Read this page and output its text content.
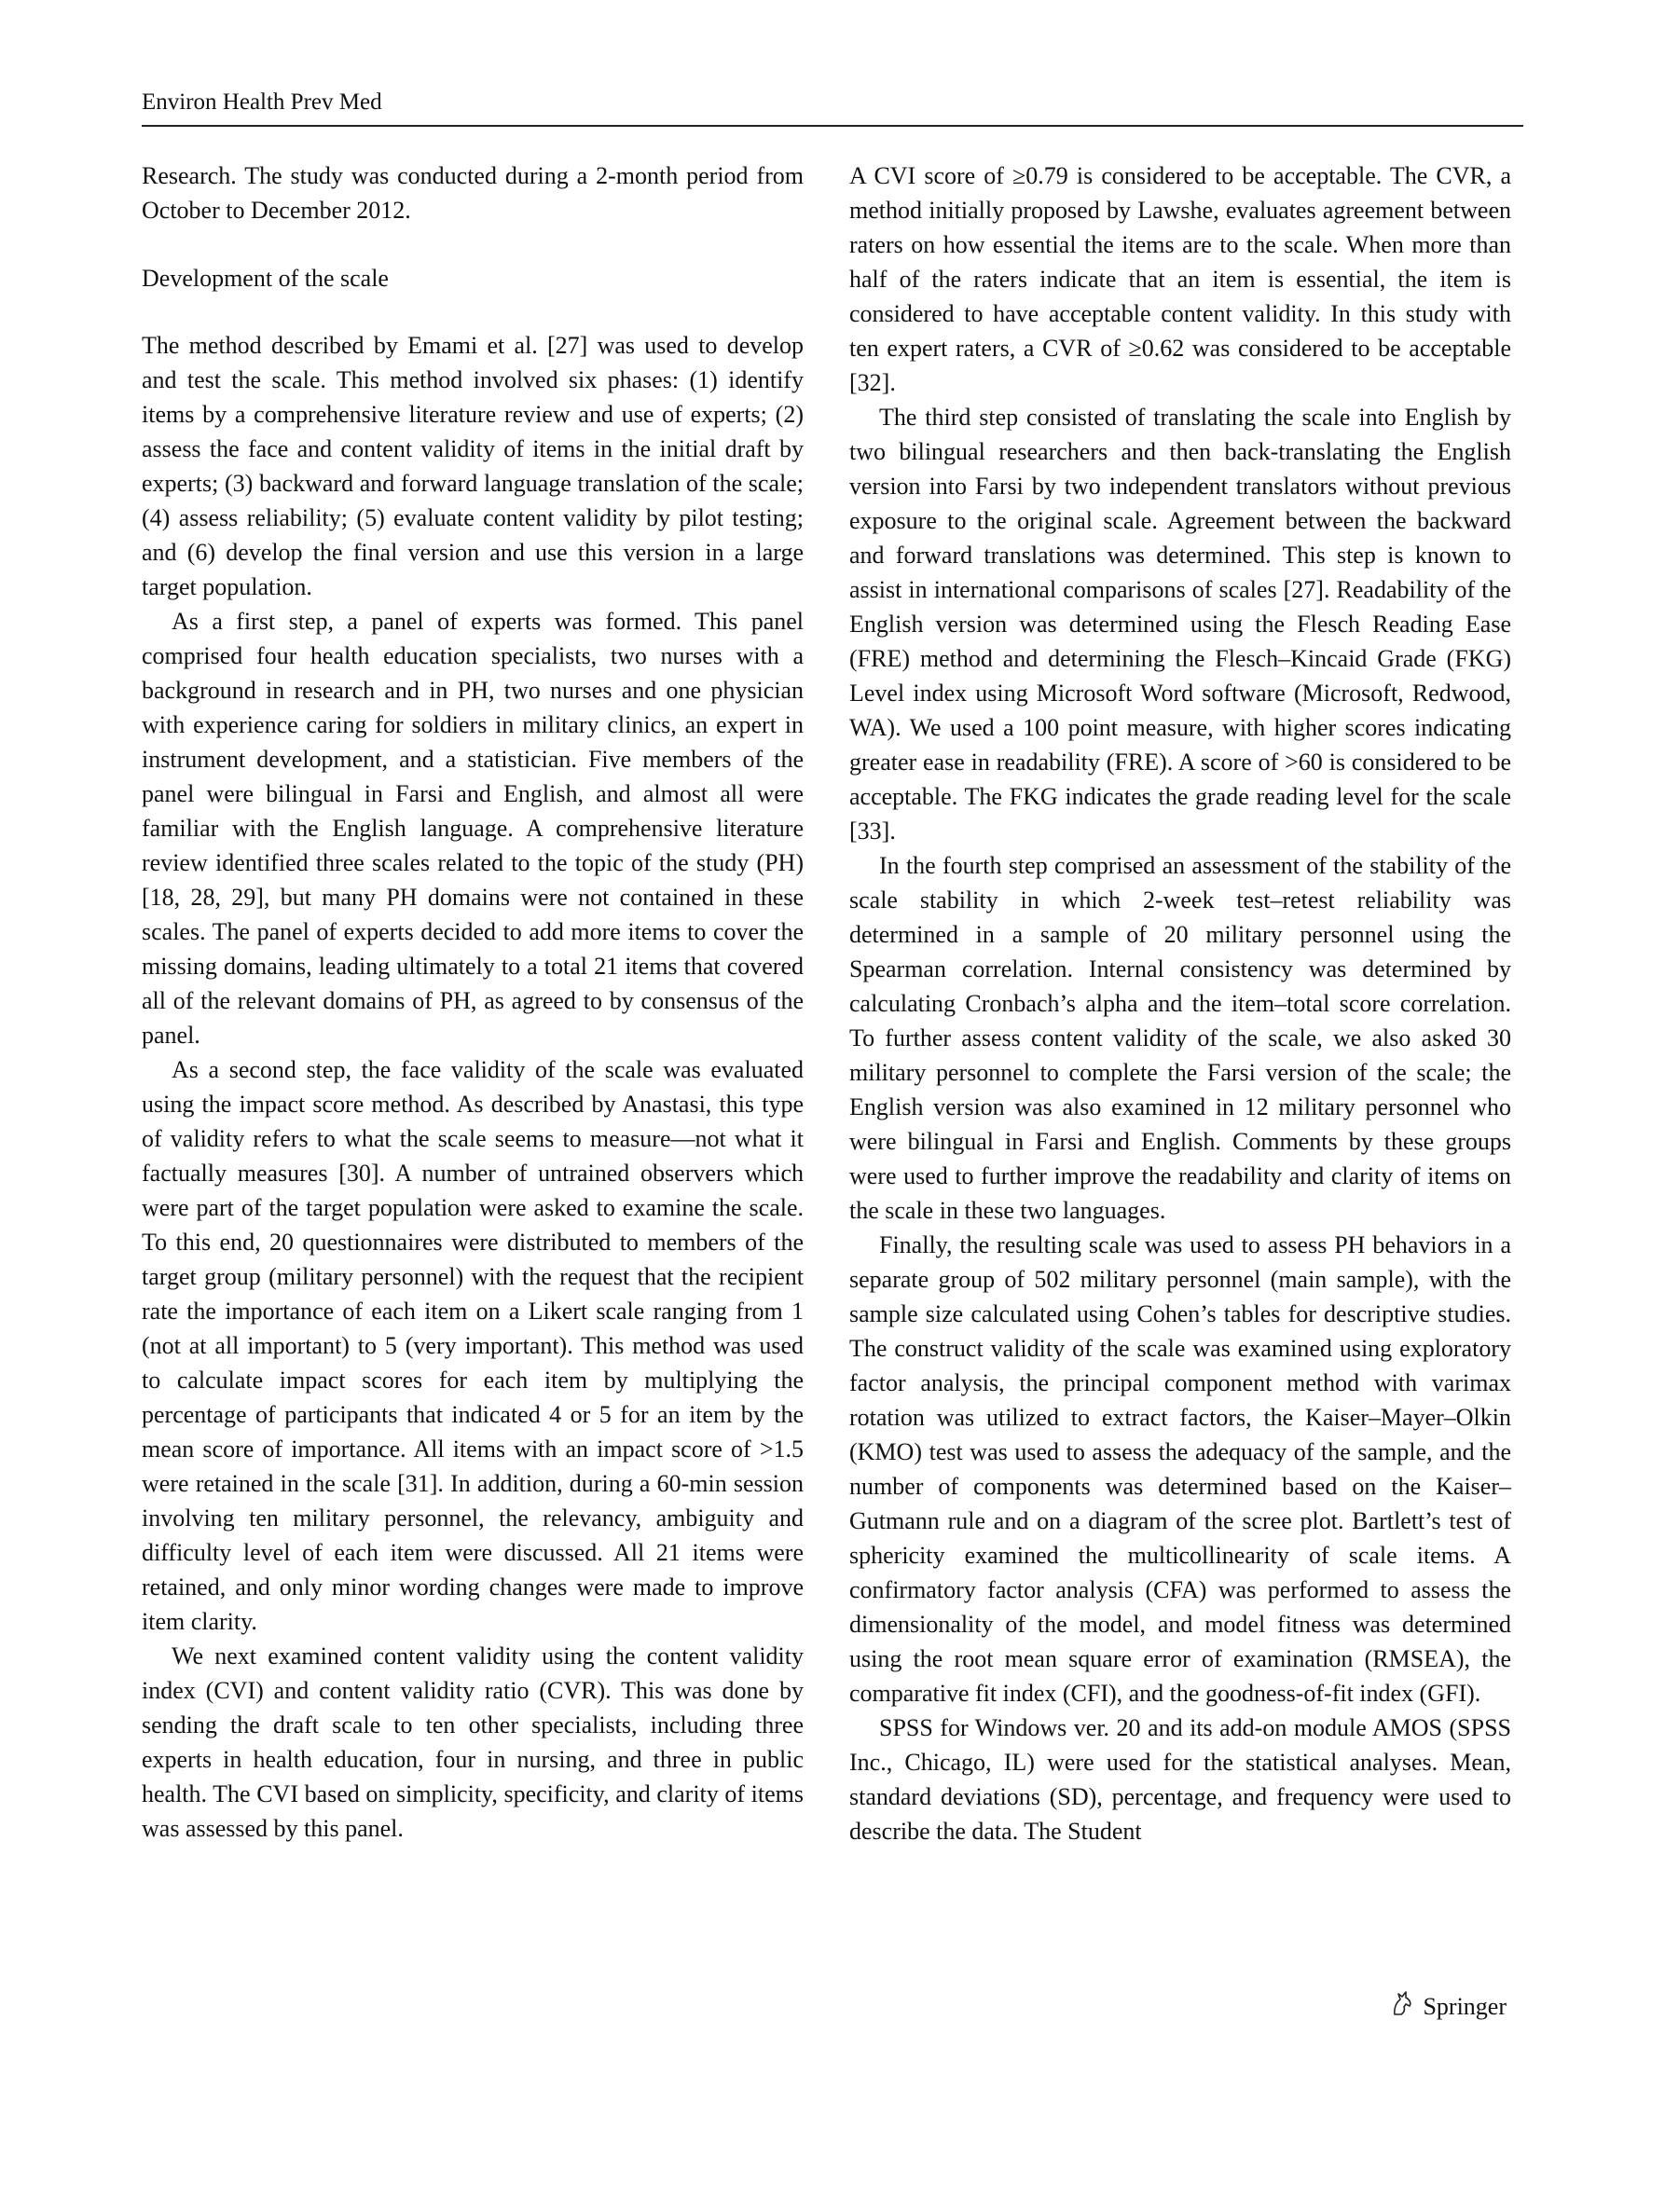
Environ Health Prev Med

Research. The study was conducted during a 2-month period from October to December 2012.

Development of the scale

The method described by Emami et al. [27] was used to develop and test the scale. This method involved six phases: (1) identify items by a comprehensive literature review and use of experts; (2) assess the face and content validity of items in the initial draft by experts; (3) backward and forward language translation of the scale; (4) assess reliability; (5) evaluate content validity by pilot testing; and (6) develop the final version and use this version in a large target population.

As a first step, a panel of experts was formed. This panel comprised four health education specialists, two nurses with a background in research and in PH, two nurses and one physician with experience caring for soldiers in military clinics, an expert in instrument development, and a statistician. Five members of the panel were bilingual in Farsi and English, and almost all were familiar with the English language. A comprehensive literature review identified three scales related to the topic of the study (PH) [18, 28, 29], but many PH domains were not contained in these scales. The panel of experts decided to add more items to cover the missing domains, leading ultimately to a total 21 items that covered all of the relevant domains of PH, as agreed to by consensus of the panel.

As a second step, the face validity of the scale was evaluated using the impact score method. As described by Anastasi, this type of validity refers to what the scale seems to measure—not what it factually measures [30]. A number of untrained observers which were part of the target population were asked to examine the scale. To this end, 20 questionnaires were distributed to members of the target group (military personnel) with the request that the recipient rate the importance of each item on a Likert scale ranging from 1 (not at all important) to 5 (very important). This method was used to calculate impact scores for each item by multiplying the percentage of participants that indicated 4 or 5 for an item by the mean score of importance. All items with an impact score of >1.5 were retained in the scale [31]. In addition, during a 60-min session involving ten military personnel, the relevancy, ambiguity and difficulty level of each item were discussed. All 21 items were retained, and only minor wording changes were made to improve item clarity.

We next examined content validity using the content validity index (CVI) and content validity ratio (CVR). This was done by sending the draft scale to ten other specialists, including three experts in health education, four in nursing, and three in public health. The CVI based on simplicity, specificity, and clarity of items was assessed by this panel.

A CVI score of ≥0.79 is considered to be acceptable. The CVR, a method initially proposed by Lawshe, evaluates agreement between raters on how essential the items are to the scale. When more than half of the raters indicate that an item is essential, the item is considered to have acceptable content validity. In this study with ten expert raters, a CVR of ≥0.62 was considered to be acceptable [32].

The third step consisted of translating the scale into English by two bilingual researchers and then back-translating the English version into Farsi by two independent translators without previous exposure to the original scale. Agreement between the backward and forward translations was determined. This step is known to assist in international comparisons of scales [27]. Readability of the English version was determined using the Flesch Reading Ease (FRE) method and determining the Flesch–Kincaid Grade (FKG) Level index using Microsoft Word software (Microsoft, Redwood, WA). We used a 100 point measure, with higher scores indicating greater ease in readability (FRE). A score of >60 is considered to be acceptable. The FKG indicates the grade reading level for the scale [33].

In the fourth step comprised an assessment of the stability of the scale stability in which 2-week test–retest reliability was determined in a sample of 20 military personnel using the Spearman correlation. Internal consistency was determined by calculating Cronbach’s alpha and the item–total score correlation. To further assess content validity of the scale, we also asked 30 military personnel to complete the Farsi version of the scale; the English version was also examined in 12 military personnel who were bilingual in Farsi and English. Comments by these groups were used to further improve the readability and clarity of items on the scale in these two languages.

Finally, the resulting scale was used to assess PH behaviors in a separate group of 502 military personnel (main sample), with the sample size calculated using Cohen’s tables for descriptive studies. The construct validity of the scale was examined using exploratory factor analysis, the principal component method with varimax rotation was utilized to extract factors, the Kaiser–Mayer–Olkin (KMO) test was used to assess the adequacy of the sample, and the number of components was determined based on the Kaiser–Gutmann rule and on a diagram of the scree plot. Bartlett’s test of sphericity examined the multicollinearity of scale items. A confirmatory factor analysis (CFA) was performed to assess the dimensionality of the model, and model fitness was determined using the root mean square error of examination (RMSEA), the comparative fit index (CFI), and the goodness-of-fit index (GFI).

SPSS for Windows ver. 20 and its add-on module AMOS (SPSS Inc., Chicago, IL) were used for the statistical analyses. Mean, standard deviations (SD), percentage, and frequency were used to describe the data. The Student

Springer
